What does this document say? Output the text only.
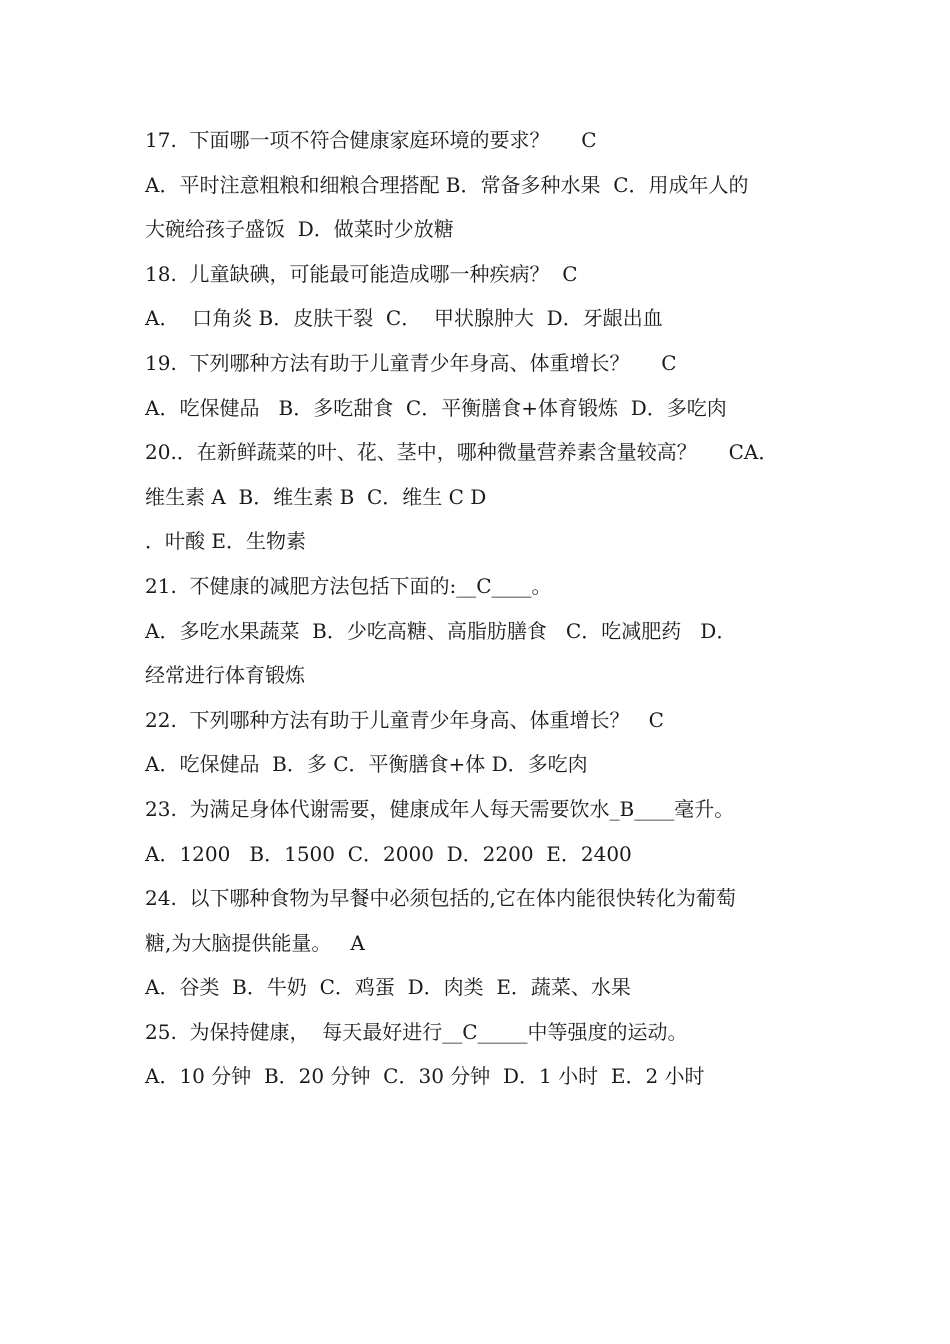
17.  下面哪一项不符合健康家庭环境的要求？     C
A．平时注意粗粮和细粮合理搭配 B．常备多种水果  C．用成年人的
大碗给孩子盛饭  D．做菜时少放糖
18.  儿童缺碘，可能最可能造成哪一种疾病？  C
A．  口角炎 B．皮肤干裂  C．  甲状腺肿大  D．牙龈出血
19.  下列哪种方法有助于儿童青少年身高、体重增长？     C
A．吃保健品   B．多吃甜食  C．平衡膳食+体育锻炼  D．多吃肉
20.．在新鲜蔬菜的叶、花、茎中，哪种微量营养素含量较高？     CA．
维生素 A  B．维生素 B  C．维生 C D
．叶酸 E．生物素
21.  不健康的减肥方法包括下面的:__C____。
A．多吃水果蔬菜  B．少吃高糖、高脂肪膳食   C．吃减肥药   D．
经常进行体育锻炼
22.  下列哪种方法有助于儿童青少年身高、体重增长？   C
A．吃保健品  B．多 C．平衡膳食+体 D．多吃肉
23.  为满足身体代谢需要，健康成年人每天需要饮水_B____毫升。
A．1200   B．1500  C．2000  D．2200  E．2400
24.  以下哪种食物为早餐中必须包括的,它在体内能很快转化为葡萄
糖,为大脑提供能量。   A
A．谷类  B．牛奶  C．鸡蛋  D．肉类  E．蔬菜、水果
25.  为保持健康，  每天最好进行__C_____中等强度的运动。
A．10 分钟  B．20 分钟  C．30 分钟  D．1 小时  E．2 小时
